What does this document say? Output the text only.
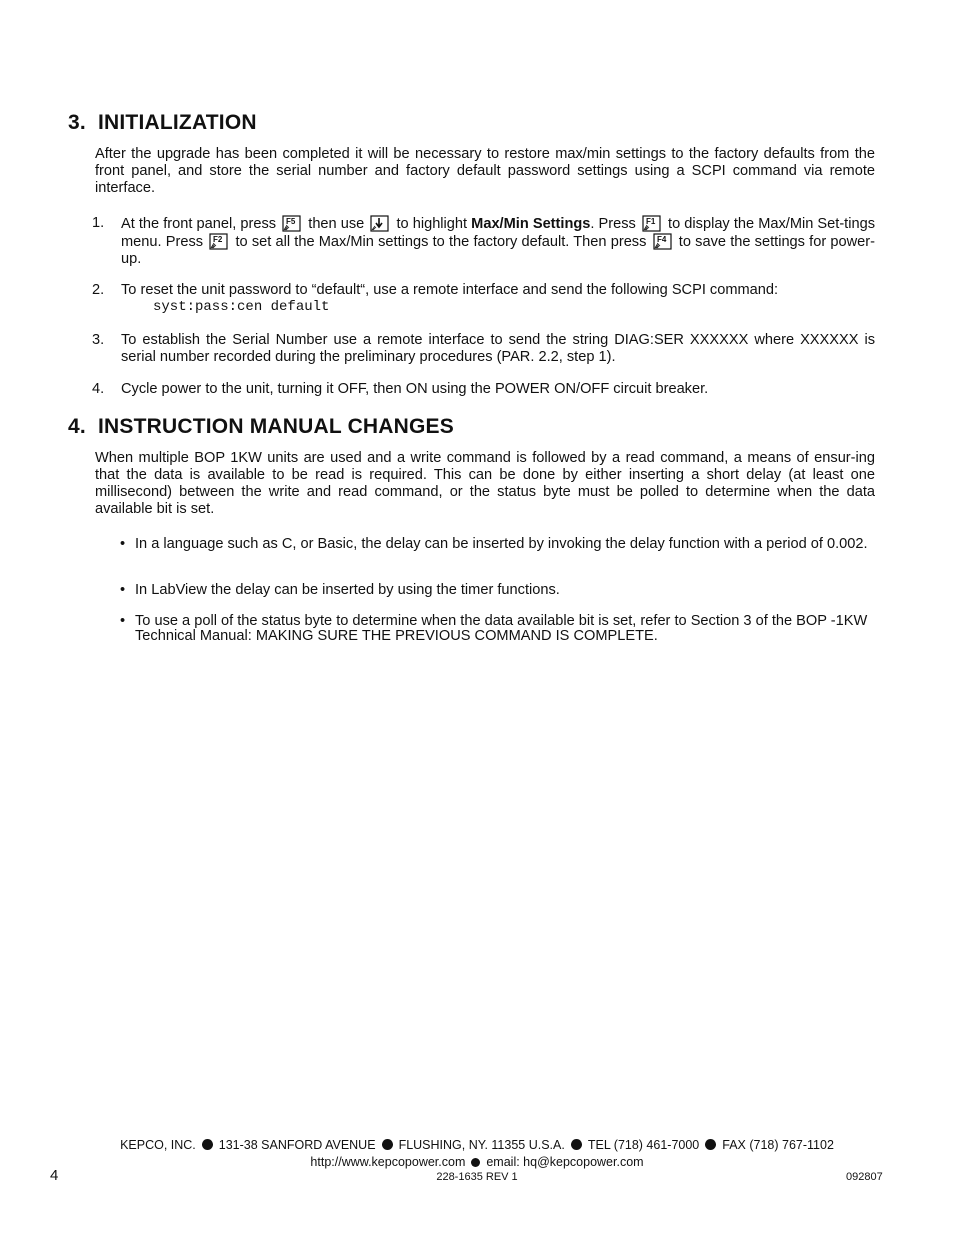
3. INITIALIZATION

After the upgrade has been completed it will be necessary to restore max/min settings to the factory defaults from the front panel, and store the serial number and factory default password settings using a SCPI command via remote interface.

1. At the front panel, press F5 then use
to highlight Max/Min Settings. Press F1 to display the Max/Min Set-tings menu. Press F2 to set all the Max/Min settings to the factory default. Then press F4 to save the settings for power-up.
2. To reset the unit password to “default“, use a remote interface and send the following SCPI command:
syst:pass:cen default
3. To establish the Serial Number use a remote interface to send the string DIAG:SER XXXXXX where XXXXXX is serial number recorded during the preliminary procedures (PAR. 2.2, step 1).
4. Cycle power to the unit, turning it OFF, then ON using the POWER ON/OFF circuit breaker.
4. INSTRUCTION MANUAL CHANGES

When multiple BOP 1KW units are used and a write command is followed by a read command, a means of ensur-ing that the data is available to be read is required. This can be done by either inserting a short delay (at least one millisecond) between the write and read command, or the status byte must be polled to determine when the data available bit is set.

• In a language such as C, or Basic, the delay can be inserted by invoking the delay function with a period of 0.002.
• In LabView the delay can be inserted by using the timer functions.
• To use a poll of the status byte to determine when the data available bit is set, refer to Section 3 of the BOP -1KW Technical Manual: MAKING SURE THE PREVIOUS COMMAND IS COMPLETE.
KEPCO, INC. 131-38 SANFORD AVENUE FLUSHING, NY. 11355 U.S.A. TEL (718) 461-7000 FAX (718) 767-1102
http://www.kepcopower.com email: hq@kepcopower.com
4	228-1635 REV 1	092807
